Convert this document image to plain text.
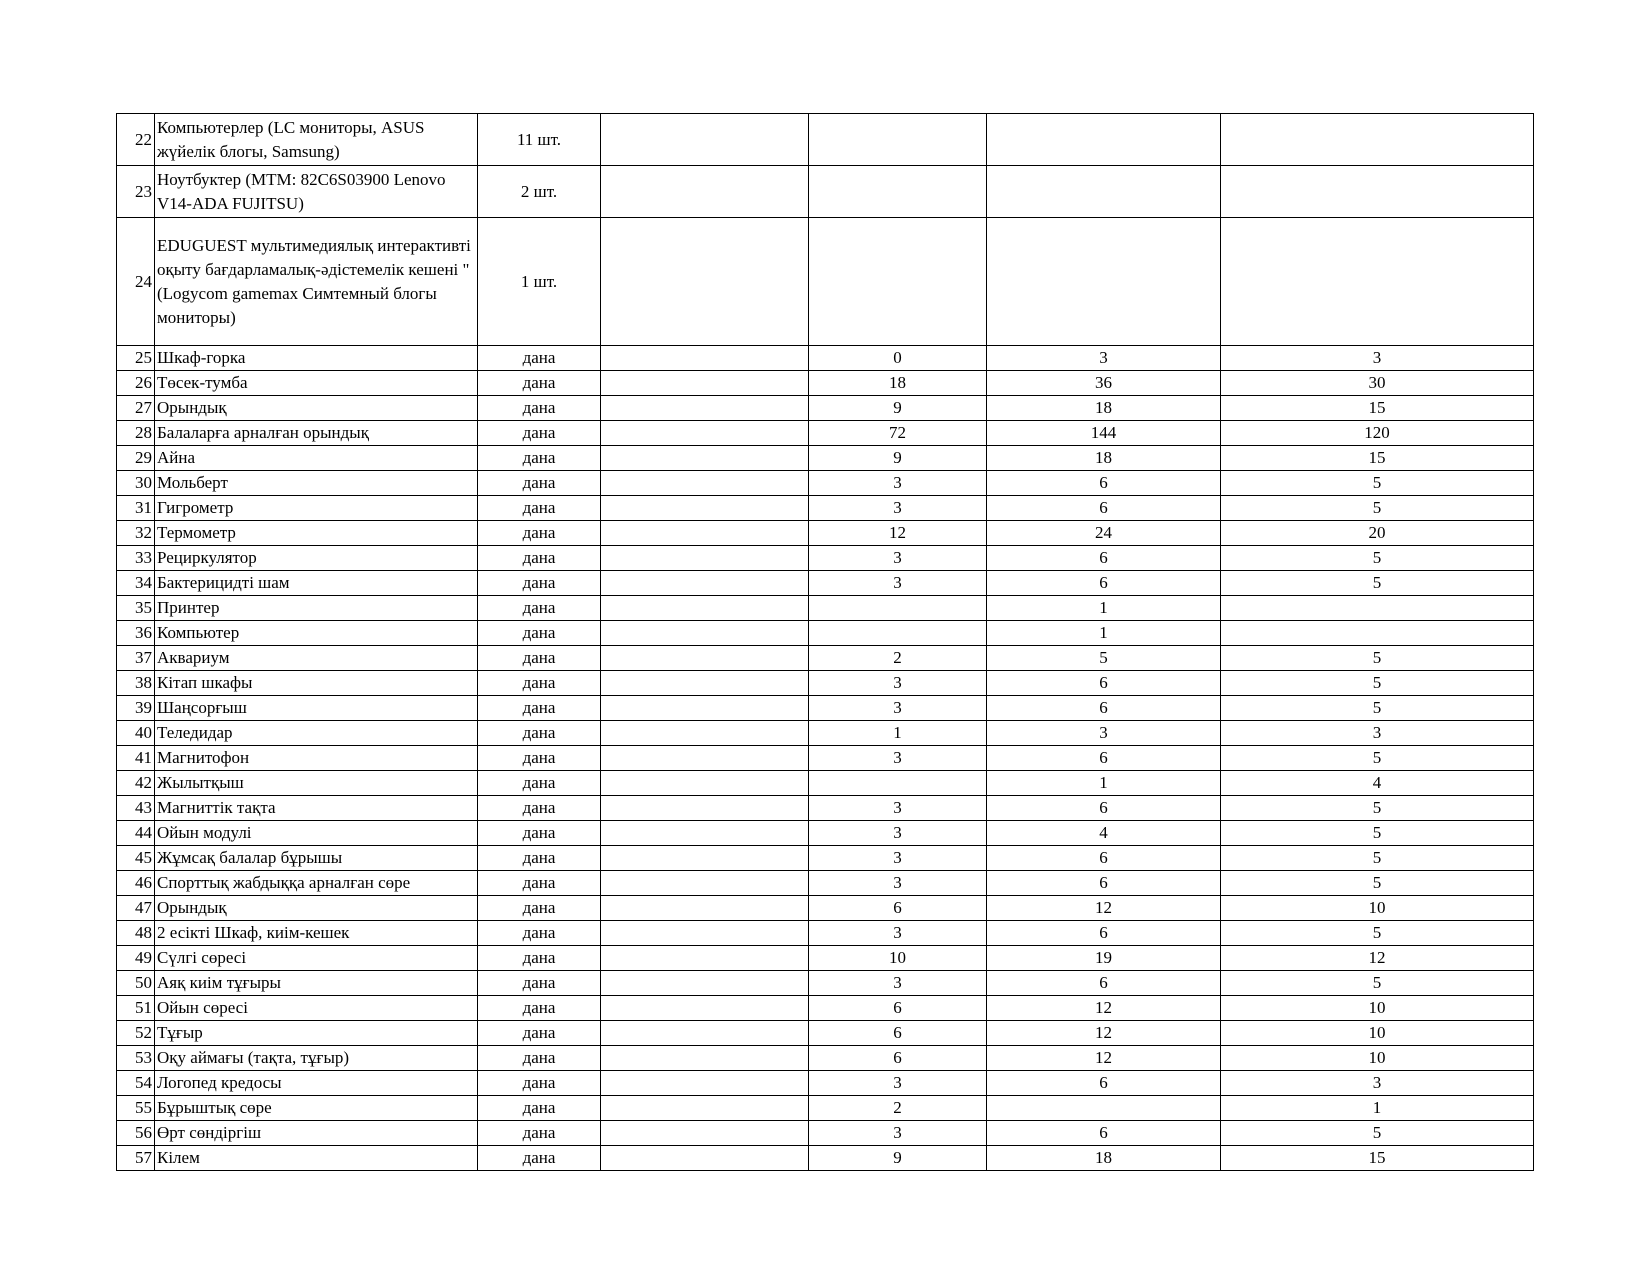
22	Компьютерлер (LC мониторы, ASUS жүйелік блогы, Samsung)	11 шт.				
23	Ноутбуктер (MTM: 82C6S03900 Lenovo V14-ADA FUJITSU)	2 шт.				
24	EDUGUEST мультимедиялық интерактивті оқыту бағдарламалық-әдістемелік кешені " (Logycom gamemax Симтемный блогы мониторы)	1 шт.				
25	Шкаф-горка	дана		0	3	3
26	Төсек-тумба	дана		18	36	30
27	Орындық	дана		9	18	15
28	Балаларға арналған орындық	дана		72	144	120
29	Айна	дана		9	18	15
30	Мольберт	дана		3	6	5
31	Гигрометр	дана		3	6	5
32	Термометр	дана		12	24	20
33	Рециркулятор	дана		3	6	5
34	Бактерицидті шам	дана		3	6	5
35	Принтер	дана			1	
36	Компьютер	дана			1	
37	Аквариум	дана		2	5	5
38	Кітап шкафы	дана		3	6	5
39	Шаңсорғыш	дана		3	6	5
40	Теледидар	дана		1	3	3
41	Магнитофон	дана		3	6	5
42	Жылытқыш	дана			1	4
43	Магниттік тақта	дана		3	6	5
44	Ойын модулі	дана		3	4	5
45	Жұмсақ балалар бұрышы	дана		3	6	5
46	Спорттық жабдыққа арналған сөре	дана		3	6	5
47	Орындық	дана		6	12	10
48	2 есікті Шкаф, киім-кешек	дана		3	6	5
49	Сүлгі сөресі	дана		10	19	12
50	Аяқ киім тұғыры	дана		3	6	5
51	Ойын сөресі	дана		6	12	10
52	Тұғыр	дана		6	12	10
53	Оқу аймағы (тақта, тұғыр)	дана		6	12	10
54	Логопед кредосы	дана		3	6	3
55	Бұрыштық сөре	дана		2		1
56	Өрт сөндіргіш	дана		3	6	5
57	Кілем	дана		9	18	15
